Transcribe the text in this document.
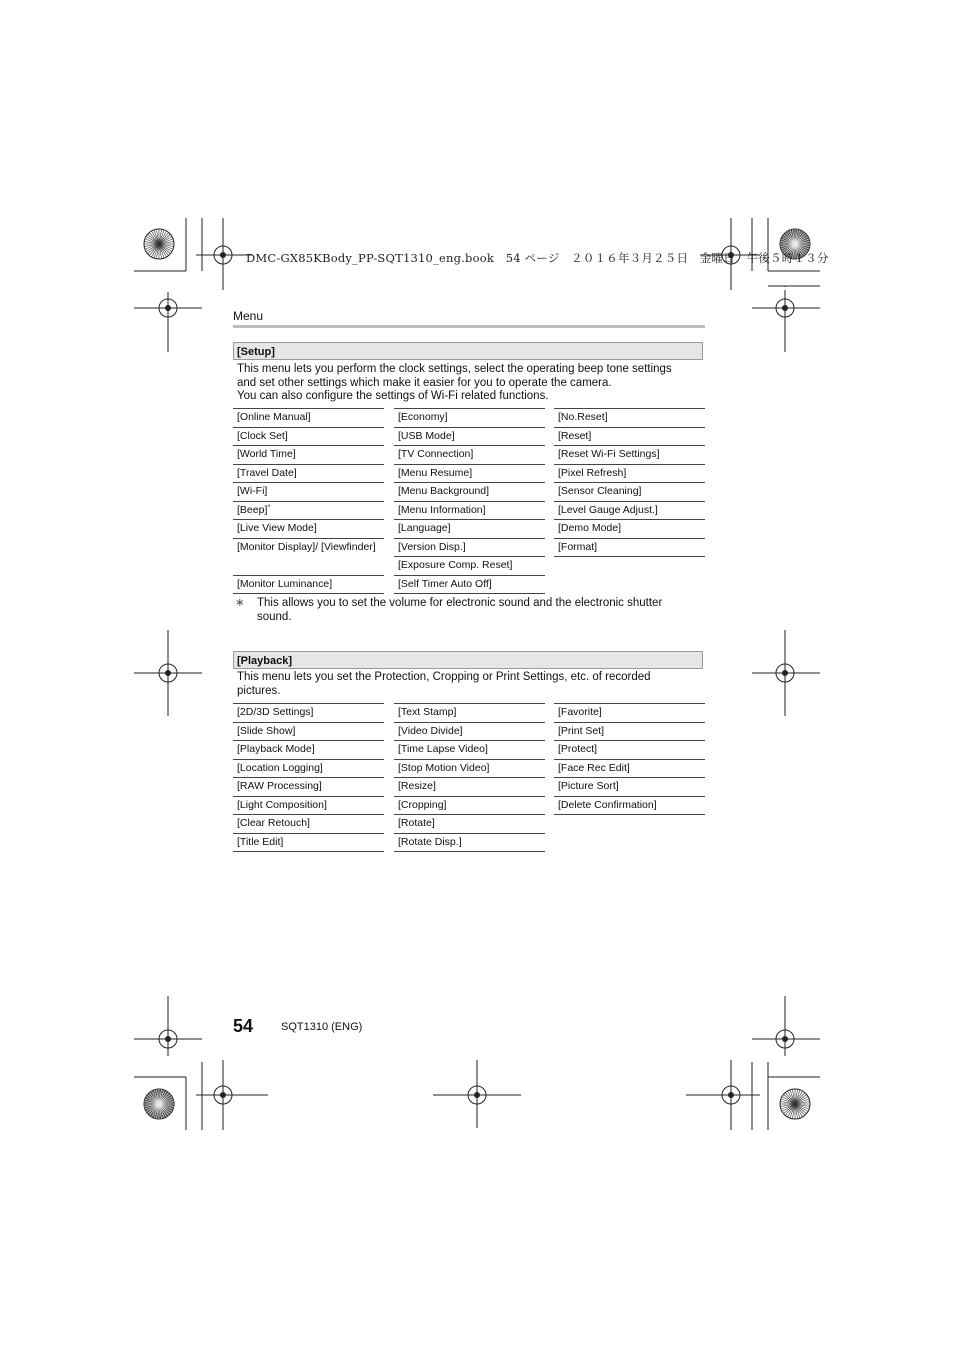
DMC-GX85KBody_PP-SQT1310_eng.book　54 ページ　２０１６年３月２５日　金曜日　午後５時１３分
Menu
[Setup]
This menu lets you perform the clock settings, select the operating beep tone settings
and set other settings which make it easier for you to operate the camera.
You can also configure the settings of Wi-Fi related functions.
[Online Manual]
[Clock Set]
[World Time]
[Travel Date]
[Wi-Fi]
[Beep]*
[Live View Mode]
[Monitor Display]/ [Viewfinder]
[Monitor Luminance]
[Economy]
[USB Mode]
[TV Connection]
[Menu Resume]
[Menu Background]
[Menu Information]
[Language]
[Version Disp.]
[Exposure Comp. Reset]
[Self Timer Auto Off]
[No.Reset]
[Reset]
[Reset Wi-Fi Settings]
[Pixel Refresh]
[Sensor Cleaning]
[Level Gauge Adjust.]
[Demo Mode]
[Format]
∗ This allows you to set the volume for electronic sound and the electronic shutter
sound.
[Playback]
This menu lets you set the Protection, Cropping or Print Settings, etc. of recorded
pictures.
[2D/3D Settings]
[Slide Show]
[Playback Mode]
[Location Logging]
[RAW Processing]
[Light Composition]
[Clear Retouch]
[Title Edit]
[Text Stamp]
[Video Divide]
[Time Lapse Video]
[Stop Motion Video]
[Resize]
[Cropping]
[Rotate]
[Rotate Disp.]
[Favorite]
[Print Set]
[Protect]
[Face Rec Edit]
[Picture Sort]
[Delete Confirmation]
54	SQT1310 (ENG)
